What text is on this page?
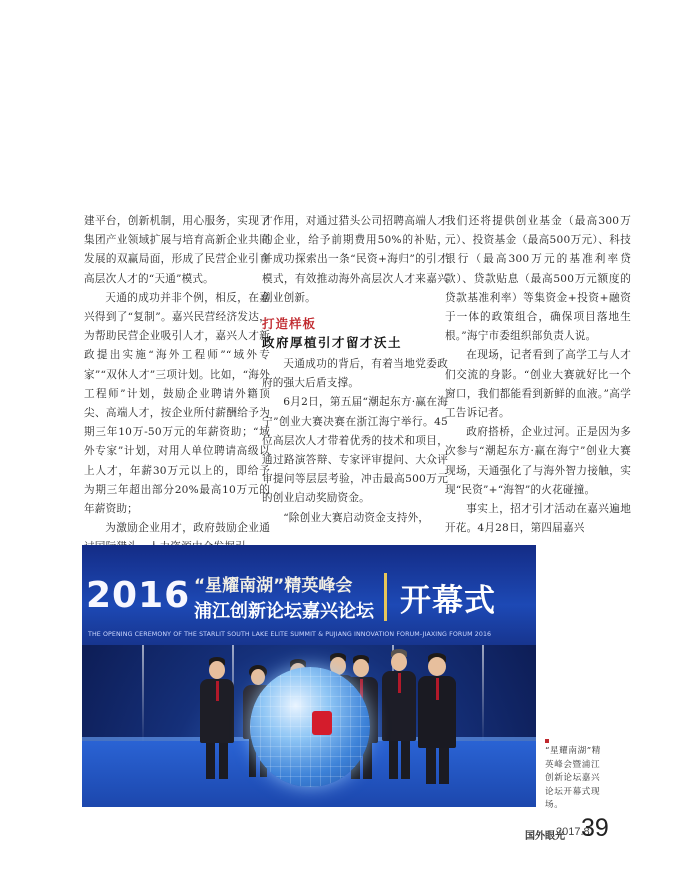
建平台，创新机制，用心服务，实现了集团产业领域扩展与培育高新企业共同发展的双赢局面，形成了民营企业引育高层次人才的“天通”模式。

天通的成功并非个例，相反，在嘉兴得到了“复制”。嘉兴民营经济发达，为帮助民营企业吸引人才，嘉兴人才新政提出实施“海外工程师”“域外专家”“双休人才”三项计划。比如，“海外工程师”计划，鼓励企业聘请外籍顶尖、高端人才，按企业所付薪酬给予为期三年10万-50万元的年薪资助；“域外专家”计划，对用人单位聘请高级以上人才，年薪30万元以上的，即给予为期三年超出部分20%最高10万元的年薪资助；

为激励企业用才，政府鼓励企业通

才作用，对通过猎头公司招聘高端人才的企业，给予前期费用50%的补贴，并成功探索出一条“民资+海归”的引才模式，有效推动海外高层次人才来嘉兴创业创新。

打造样板
政府厚植引才留才沃土

天通成功的背后，有着当地党委政府的强大后盾支撑。

6月2日，第五届“潮起东方·赢在海宁”创业大赛决赛在浙江海宁举行。45位高层次人才带着优秀的技术和项目，通过路演答辩、专家评审提问、大众评审提问等层层考验，冲击最高500万元的创业启动奖励资金。

“除创业大赛启动资金支持外，

我们还将提供创业基金（最高300万元）、投资基金（最高500万元）、科技银行（最高300万元的基准利率贷款）、贷款贴息（最高500万元额度的贷款基准利率）等集资金+投资+融资于一体的政策组合，确保项目落地生根。”海宁市委组织部负责人说。

在现场，记者看到了高学工与人才们交流的身影。“创业大赛就好比一个窗口，我们都能看到新鲜的血液。”高学工告诉记者。

政府搭桥，企业过河。正是因为多次参与“潮起东方·赢在海宁”创业大赛现场，天通强化了与海外智力接触，实现“民资”+“海智”的火花碰撞。

事实上，招才引才活动在嘉兴遍地开花。4月28日，第四届嘉兴

2016 “星耀南湖”精英峰会
浦江创新论坛嘉兴论坛 开幕式
THE OPENING CEREMONY OF THE STARLIT SOUTH LAKE ELITE SUMMIT & PUJIANG INNOVATION FORUM-JIAXING FORUM 2016
“星耀南湖”精英峰会暨浦江创新论坛嘉兴论坛开幕式现场。
国外眼光
2017.8
39
